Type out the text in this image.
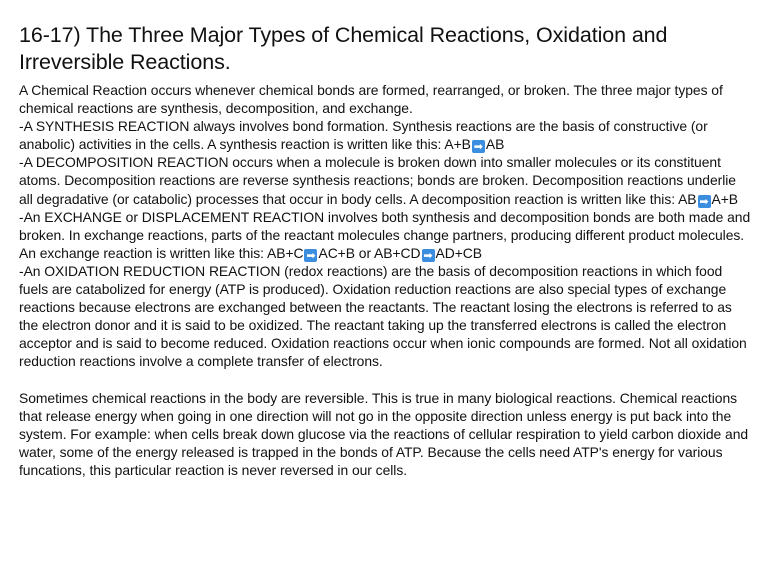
16-17) The Three Major Types of Chemical Reactions, Oxidation and Irreversible Reactions.

A Chemical Reaction occurs whenever chemical bonds are formed, rearranged, or broken. The three major types of chemical reactions are synthesis, decomposition, and exchange.

-A SYNTHESIS REACTION always involves bond formation. Synthesis reactions are the basis of constructive (or anabolic) activities in the cells. A synthesis reaction is written like this: A+B ➡ AB

-A DECOMPOSITION REACTION occurs when a molecule is broken down into smaller molecules or its constituent atoms. Decomposition reactions are reverse synthesis reactions; bonds are broken. Decomposition reactions underlie all degradative (or catabolic) processes that occur in body cells. A decomposition reaction is written like this: AB ➡ A+B

-An EXCHANGE or DISPLACEMENT REACTION involves both synthesis and decomposition bonds are both made and broken. In exchange reactions, parts of the reactant molecules change partners, producing different product molecules. An exchange reaction is written like this: AB+C ➡ AC+B or AB+CD ➡ AD+CB

-An OXIDATION REDUCTION REACTION (redox reactions) are the basis of decomposition reactions in which food fuels are catabolized for energy (ATP is produced). Oxidation reduction reactions are also special types of exchange reactions because electrons are exchanged between the reactants. The reactant losing the electrons is referred to as the electron donor and it is said to be oxidized. The reactant taking up the transferred electrons is called the electron acceptor and is said to become reduced. Oxidation reactions occur when ionic compounds are formed. Not all oxidation reduction reactions involve a complete transfer of electrons.

Sometimes chemical reactions in the body are reversible. This is true in many biological reactions. Chemical reactions that release energy when going in one direction will not go in the opposite direction unless energy is put back into the system. For example: when cells break down glucose via the reactions of cellular respiration to yield carbon dioxide and water, some of the energy released is trapped in the bonds of ATP. Because the cells need ATP's energy for various funcations, this particular reaction is never reversed in our cells.
